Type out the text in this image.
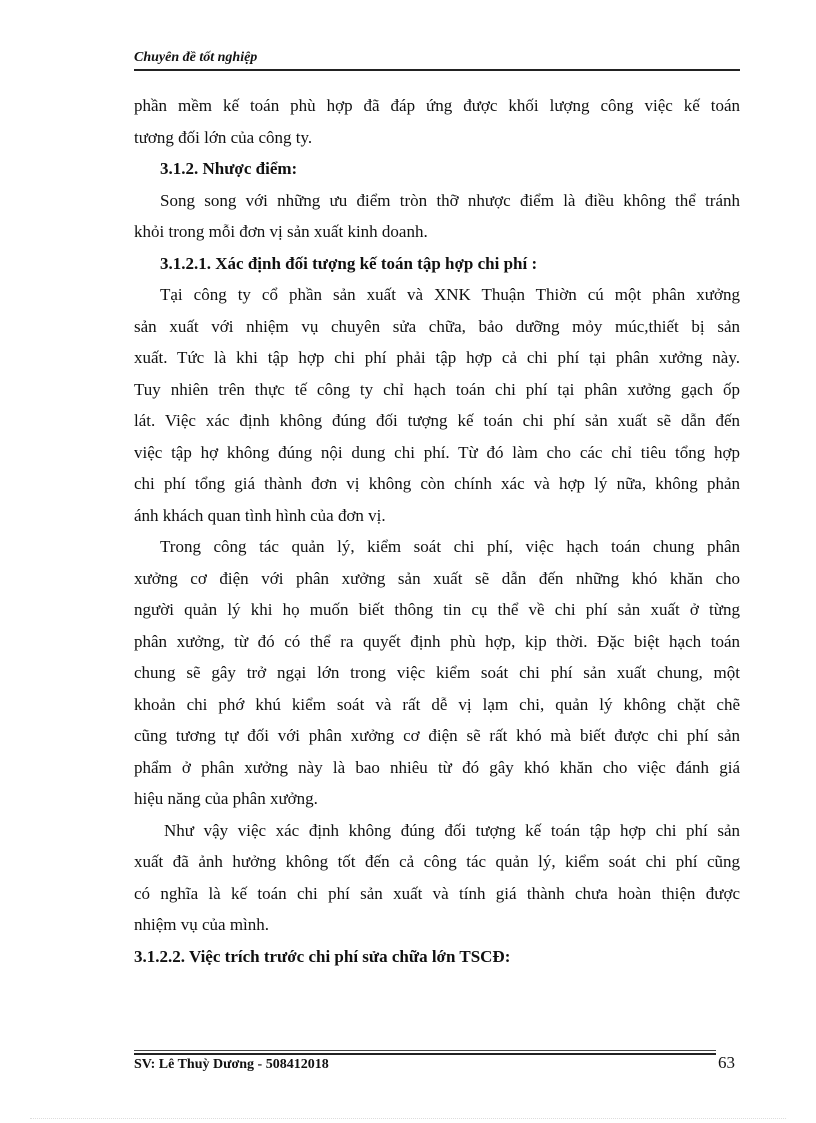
Chuyên đề tốt nghiệp
phần mềm kế toán phù hợp đã đáp ứng được khối lượng công việc kế toán
tương đối lớn của công ty.
3.1.2. Nhược điểm:
Song song với những ưu điểm tròn thỡ nhược điểm là điều không thể tránh
khỏi trong mỗi đơn vị sản xuất kinh doanh.
3.1.2.1. Xác định đối tượng kế toán tập hợp chi phí :
Tại công ty cổ phần sản xuất và XNK Thuận Thiờn cú một phân xưởng
sản xuất với nhiệm vụ chuyên sửa chữa, bảo dưỡng mỏy múc,thiết bị sản
xuất. Tức là khi tập hợp chi phí phải tập hợp cả chi phí tại phân xưởng này.
Tuy nhiên trên thực tế công ty chỉ hạch toán chi phí tại phân xưởng gạch ốp
lát. Việc xác định không đúng đối tượng kế toán chi phí sản xuất sẽ dẫn đến
việc tập hợ không đúng nội dung chi phí. Từ đó làm cho các chỉ tiêu tổng hợp
chi phí tổng giá thành đơn vị không còn chính xác và hợp lý nữa, không phản
ánh khách quan tình hình của đơn vị.
Trong công tác quản lý, kiểm soát chi phí, việc hạch toán chung phân
xưởng cơ điện với phân xưởng sản xuất sẽ dẫn đến những khó khăn cho
người quản lý khi họ muốn biết thông tin cụ thể về chi phí sản xuất ở từng
phân xưởng, từ đó có thể ra quyết định phù hợp, kịp thời. Đặc biệt hạch toán
chung sẽ gây trở ngại lớn trong việc kiểm soát chi phí sản xuất chung, một
khoản chi phớ khú kiểm soát và rất dễ vị lạm chi, quản lý không chặt chẽ
cũng tương tự đối với phân xưởng cơ điện sẽ rất khó mà biết được chi phí sản
phẩm ở phân xưởng này là bao nhiêu từ đó gây khó khăn cho việc đánh giá
hiệu năng của phân xưởng.
Như vậy việc xác định không đúng đối tượng kế toán tập hợp chi phí sản
xuất đã ảnh hưởng không tốt đến cả công tác quản lý, kiểm soát chi phí cũng
có nghĩa là kế toán chi phí sản xuất và tính giá thành chưa hoàn thiện được
nhiệm vụ của mình.
3.1.2.2. Việc trích trước chi phí sửa chữa lớn TSCĐ:
SV: Lê Thuỳ Dương - 508412018	63
